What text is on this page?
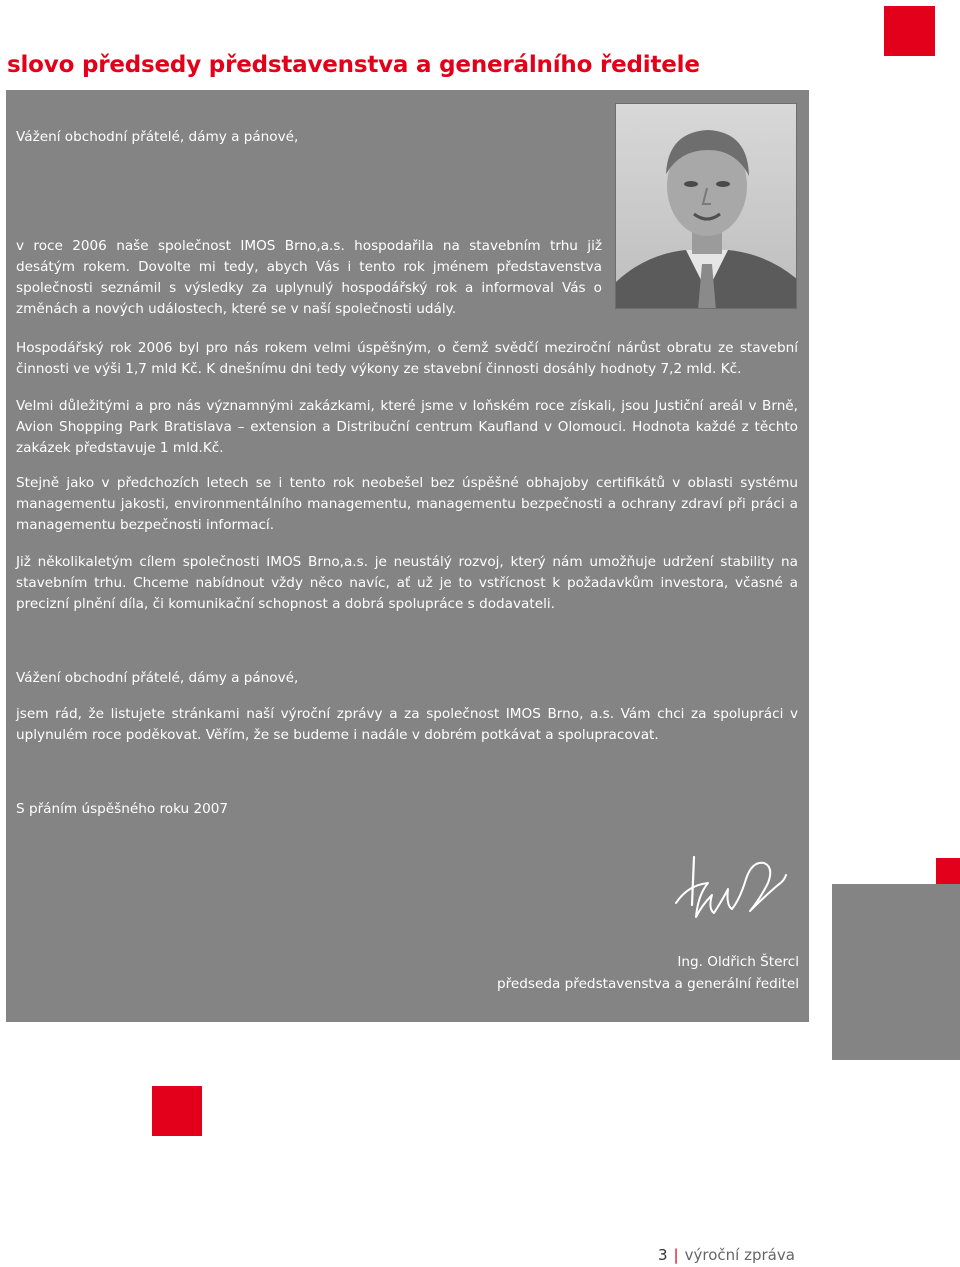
slovo předsedy představenstva a generálního ředitele

Vážení obchodní přátelé, dámy a pánové,

v roce 2006 naše společnost IMOS Brno,a.s. hospodařila na stavebním trhu již desátým rokem. Dovolte mi tedy, abych Vás i tento rok jménem představenstva společnosti seznámil s výsledky za uplynulý hospodářský rok a informoval Vás o změnách a nových událostech, které se v naší společnosti udály.

Hospodářský rok 2006 byl pro nás rokem velmi úspěšným, o čemž svědčí meziroční nárůst obratu ze stavební činnosti ve výši 1,7 mld Kč. K dnešnímu dni tedy výkony ze stavební činnosti dosáhly hodnoty 7,2 mld. Kč.

Velmi důležitými a pro nás významnými zakázkami, které jsme v loňském roce získali, jsou Justiční areál v Brně, Avion Shopping Park Bratislava – extension a Distribuční centrum Kaufland v Olomouci. Hodnota každé z těchto zakázek představuje 1 mld.Kč.

Stejně jako v předchozích letech se i tento rok neobešel bez úspěšné obhajoby certifikátů v oblasti systému managementu jakosti, environmentálního managementu, managementu bezpečnosti a ochrany zdraví při práci a managementu bezpečnosti informací.

Již několikaletým cílem společnosti IMOS Brno,a.s. je neustálý rozvoj, který nám umožňuje udržení stability na stavebním trhu. Chceme nabídnout vždy něco navíc, ať už je to vstřícnost k požadavkům investora, včasné a precizní plnění díla, či komunikační schopnost a dobrá spolupráce s dodavateli.

Vážení obchodní přátelé, dámy a pánové,

jsem rád, že listujete stránkami naší výroční zprávy a za společnost IMOS Brno, a.s. Vám chci za spolupráci v uplynulém roce poděkovat. Věřím, že se budeme i nadále v dobrém potkávat a spolupracovat.

S přáním úspěšného roku 2007

Ing. Oldřich Štercl

předseda představenstva a generální ředitel

3 | výroční zpráva
